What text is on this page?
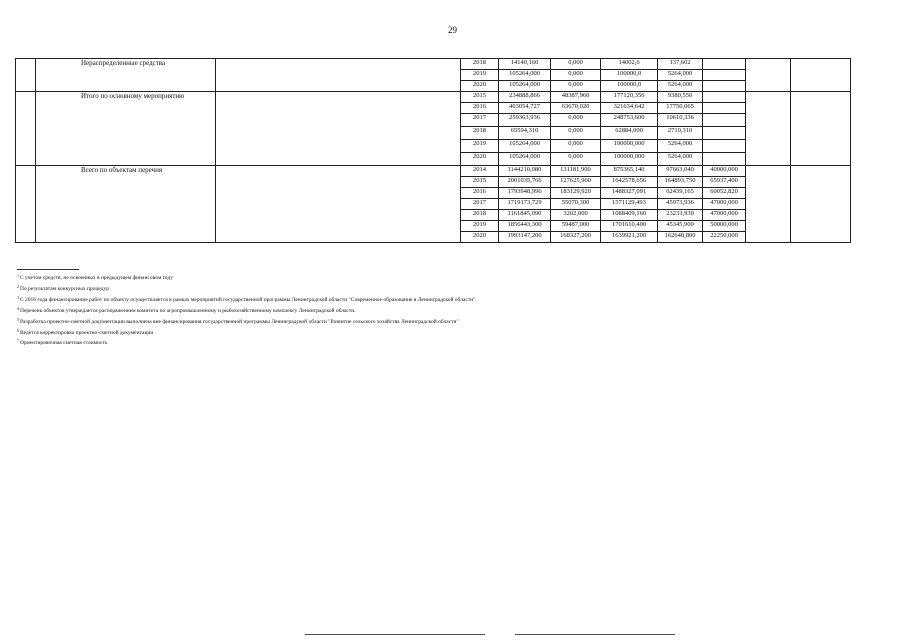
29
	Нераспределенные средства		2018	14140,160	0,000	14002,6	137,602			
			2019	105264,000	0,000	100000,0	5264,000			
			2020	105264,000	0,000	100000,0	5264,000			
	Итого по основному мероприятию		2015	234888,866	48387,960	177120,356	9380,550			
			2016	403054,727	63670,020	321634,642	17750,065			
			2017	259363,936	0,000	248753,600	10610,336			
			2018	65594,310	0,000	62884,000	2710,310			
			2019	105264,000	0,000	100000,000	5264,000			
			2020	105264,000	0,000	100000,000	5264,000			
	Всего по объектам перечня		2014	1144210,080	131181,900	875365,140	97663,040	40000,000		
			2015	2001035,766	127625,960	1642578,656	164893,750	65937,400		
			2016	1793948,996	183129,920	1488327,091	62439,165	60052,820		
			2017	1719173,729	55070,300	1571129,493	45973,936	47000,000		
			2018	1161845,090	3202,000	1088409,160	23233,930	47000,000		
			2019	1856443,300	59487,000	1701610,400	45345,900	50000,000		
			2020	1993147,200	168327,200	1639921,200	162648,800	22250,000		
$^1$С учетом средств, не освоенных в предыдущем финансовом году
$^2$По результатам конкурсных процедур
$^3$С 2016 года финансирование работ по объекту осуществляется в рамках мероприятий государственной программы Ленинградской области "Современное образование в Ленинградской области".
$^4$Перечень объектов утверждается распоряжением комитета по агропромышленному и рыбохозяйственному комплексу Ленинградской области.
$^5$Разработка проектно-сметной документации выполнена вне финансирования государственной программы Ленинградской области "Развитие сельского хозяйства Ленинградской области"
$^6$Ведется корректировка проектно-сметной документации
$^7$Ориентировочная сметная стоимость
